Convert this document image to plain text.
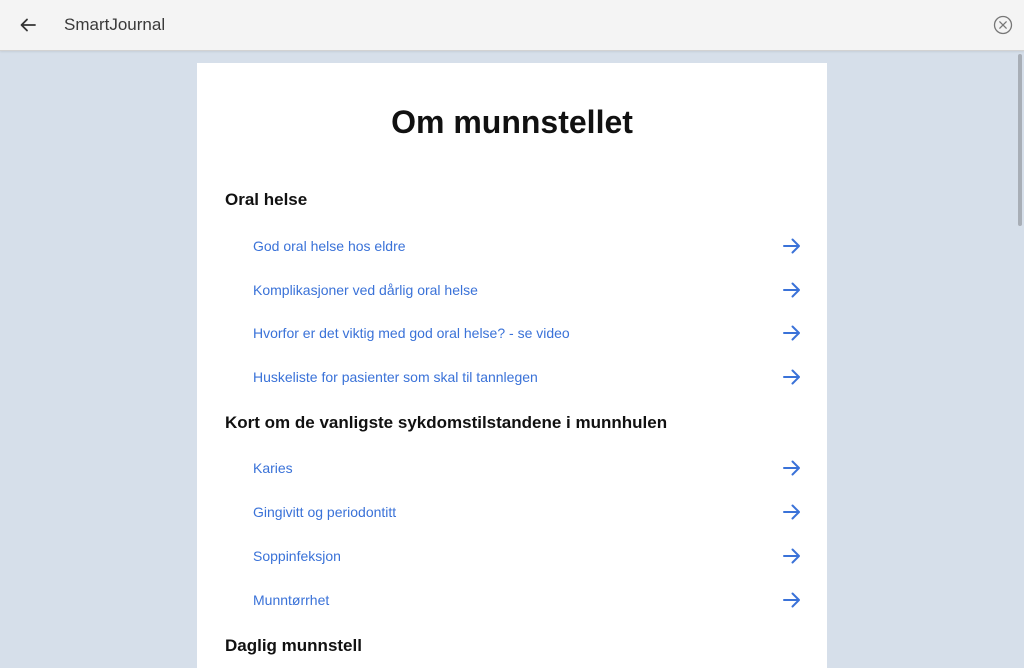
SmartJournal
Om munnstellet
Oral helse
God oral helse hos eldre
Komplikasjoner ved dårlig oral helse
Hvorfor er det viktig med god oral helse? - se video
Huskeliste for pasienter som skal til tannlegen
Kort om de vanligste sykdomstilstandene i munnhulen
Karies
Gingivitt og periodontitt
Soppinfeksjon
Munntørrhet
Daglig munnstell
